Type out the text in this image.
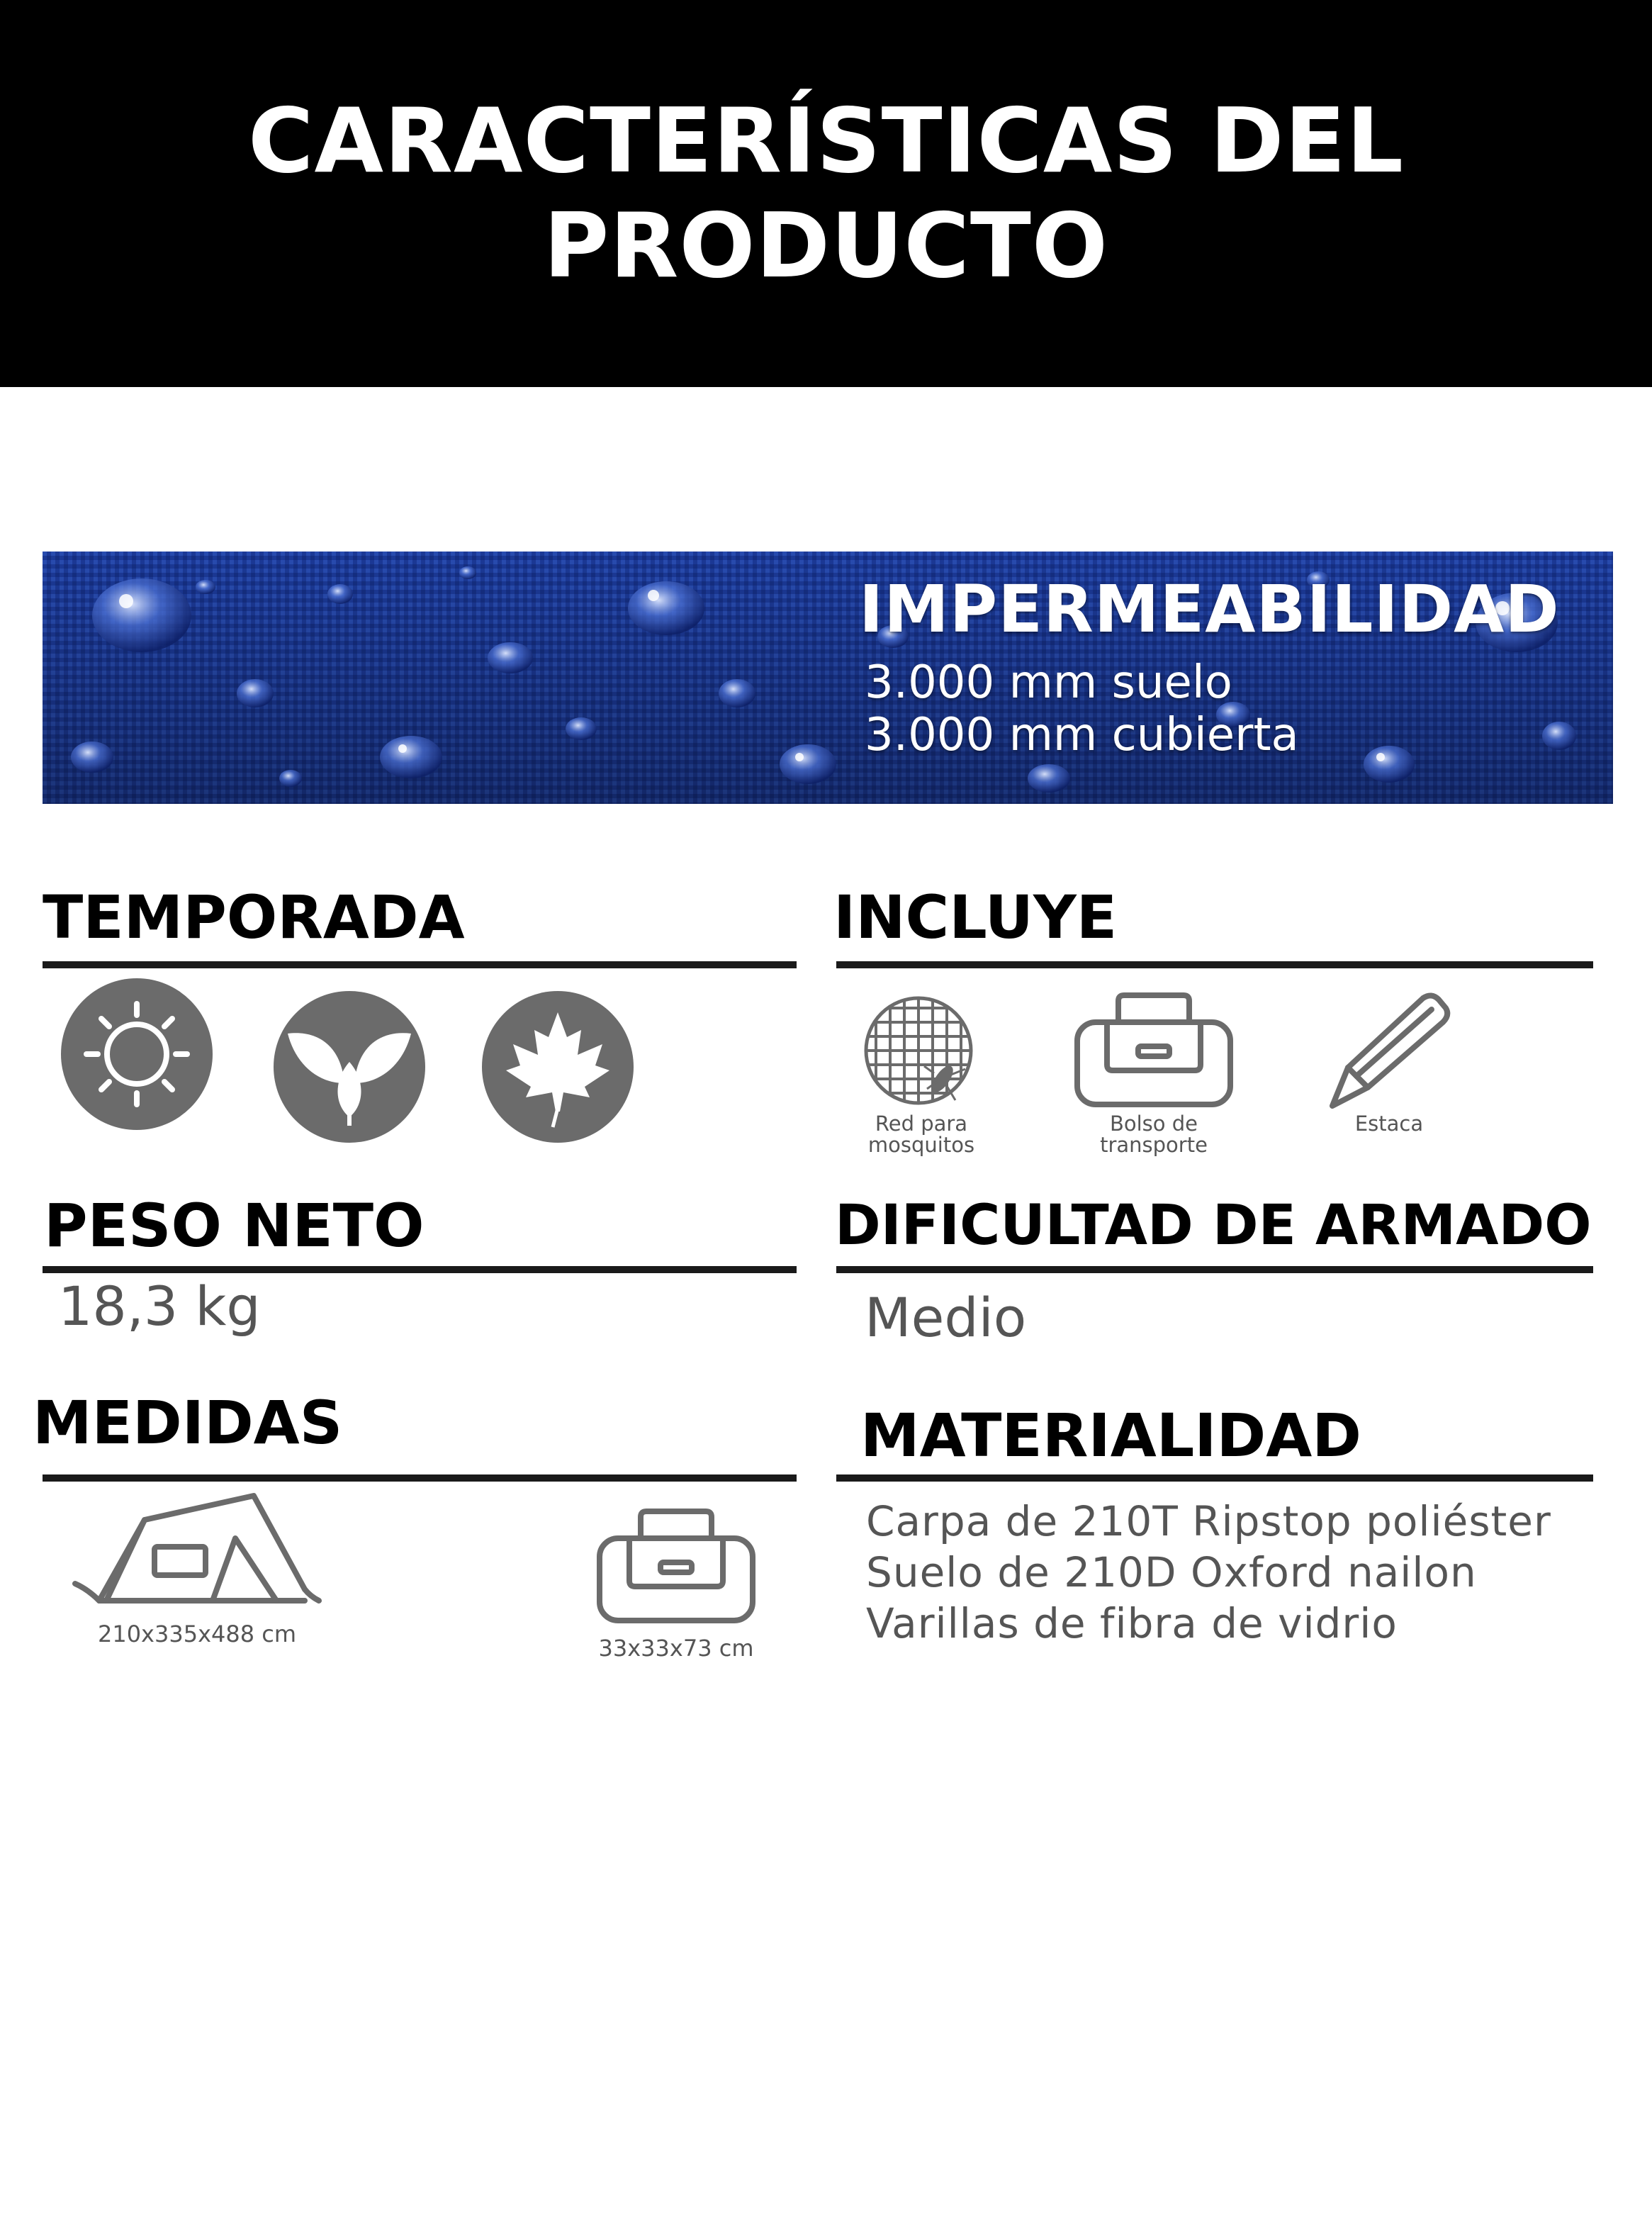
CARACTERÍSTICAS DEL
PRODUCTO
IMPERMEABILIDAD
3.000 mm suelo
3.000 mm cubierta
TEMPORADA	INCLUYE
Red para
mosquitos
Bolso de
transporte
Estaca
PESO NETO
18,3 kg
DIFICULTAD DE ARMADO
Medio
MEDIDAS
210x335x488 cm
33x33x73 cm
MATERIALIDAD
Carpa de 210T Ripstop poliéster
Suelo de 210D Oxford nailon
Varillas de fibra de vidrio
